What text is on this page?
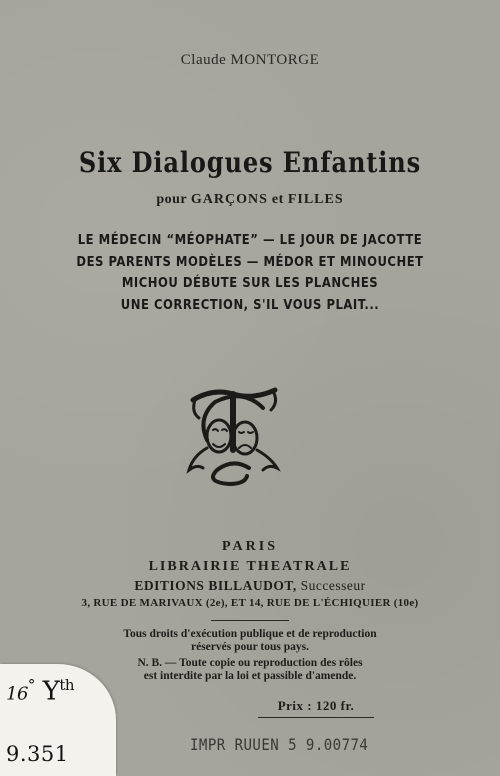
Claude MONTORGE
Six Dialogues Enfantins
pour GARÇONS et FILLES
LE MÉDECIN “MÉOPHATE” — LE JOUR DE JACOTTE
DES PARENTS MODÈLES — MÉDOR ET MINOUCHET
MICHOU DÉBUTE SUR LES PLANCHES
UNE CORRECTION, S'IL VOUS PLAIT...
PARIS
LIBRAIRIE THEATRALE
EDITIONS BILLAUDOT, Successeur
3, RUE DE MARIVAUX (2e), ET 14, RUE DE L'ÉCHIQUIER (10e)
Tous droits d'exécution publique et de reproduction
réservés pour tous pays.
N. B. — Toute copie ou reproduction des rôles
est interdite par la loi et passible d'amende.
Prix : 120 fr.
16° $Y^{th}$
9.351	IMPR RUUEN 5 9.00774
